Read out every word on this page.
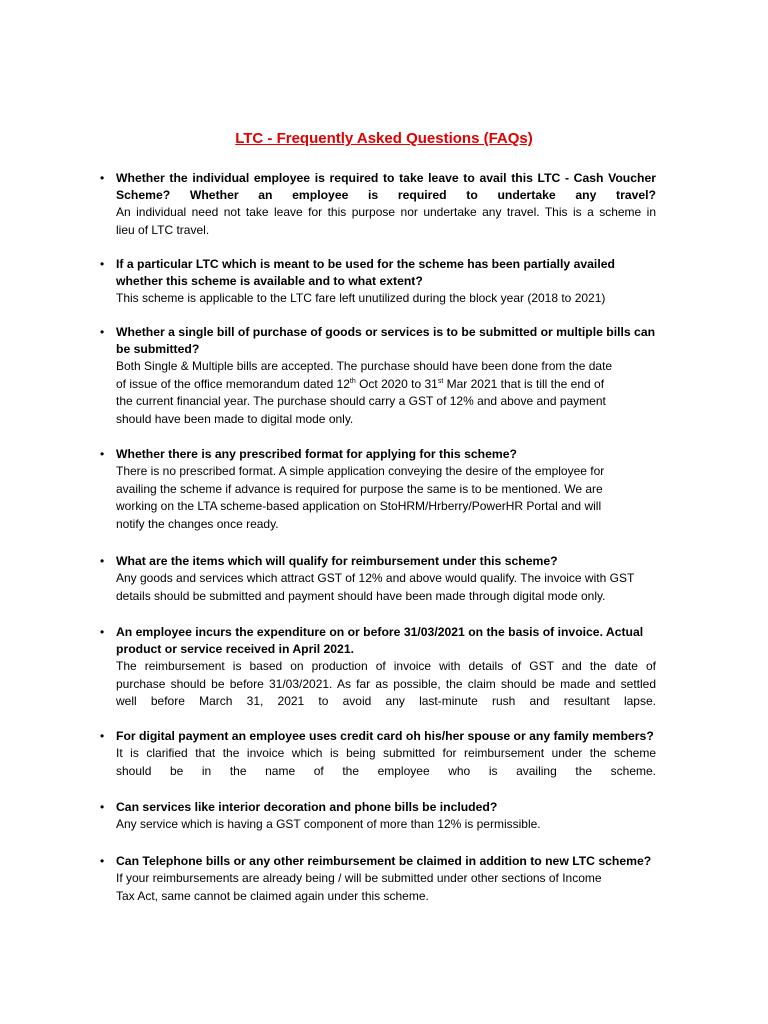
LTC - Frequently Asked Questions (FAQs)
• Whether the individual employee is required to take leave to avail this LTC - Cash Voucher

Scheme? Whether an employee is required to undertake any travel?

An individual need not take leave for this purpose nor undertake any travel. This is a scheme in

lieu of LTC travel.

• If a particular LTC which is meant to be used for the scheme has been partially availed

whether this scheme is available and to what extent?

This scheme is applicable to the LTC fare left unutilized during the block year (2018 to 2021)

• Whether a single bill of purchase of goods or services is to be submitted or multiple bills can

be submitted?

Both Single & Multiple bills are accepted. The purchase should have been done from the date

of issue of the office memorandum dated 12th Oct 2020 to 31st Mar 2021 that is till the end of

the current financial year. The purchase should carry a GST of 12% and above and payment

should have been made to digital mode only.

• Whether there is any prescribed format for applying for this scheme?

There is no prescribed format. A simple application conveying the desire of the employee for

availing the scheme if advance is required for purpose the same is to be mentioned. We are

working on the LTA scheme-based application on StoHRM/Hrberry/PowerHR Portal and will

notify the changes once ready.

• What are the items which will qualify for reimbursement under this scheme?

Any goods and services which attract GST of 12% and above would qualify. The invoice with GST

details should be submitted and payment should have been made through digital mode only.

• An employee incurs the expenditure on or before 31/03/2021 on the basis of invoice. Actual

product or service received in April 2021.

The reimbursement is based on production of invoice with details of GST and the date of

purchase should be before 31/03/2021. As far as possible, the claim should be made and settled

well before March 31, 2021 to avoid any last-minute rush and resultant lapse.

• For digital payment an employee uses credit card oh his/her spouse or any family members?

It is clarified that the invoice which is being submitted for reimbursement under the scheme

should be in the name of the employee who is availing the scheme.

• Can services like interior decoration and phone bills be included?

Any service which is having a GST component of more than 12% is permissible.

• Can Telephone bills or any other reimbursement be claimed in addition to new LTC scheme?

If your reimbursements are already being / will be submitted under other sections of Income

Tax Act, same cannot be claimed again under this scheme.
